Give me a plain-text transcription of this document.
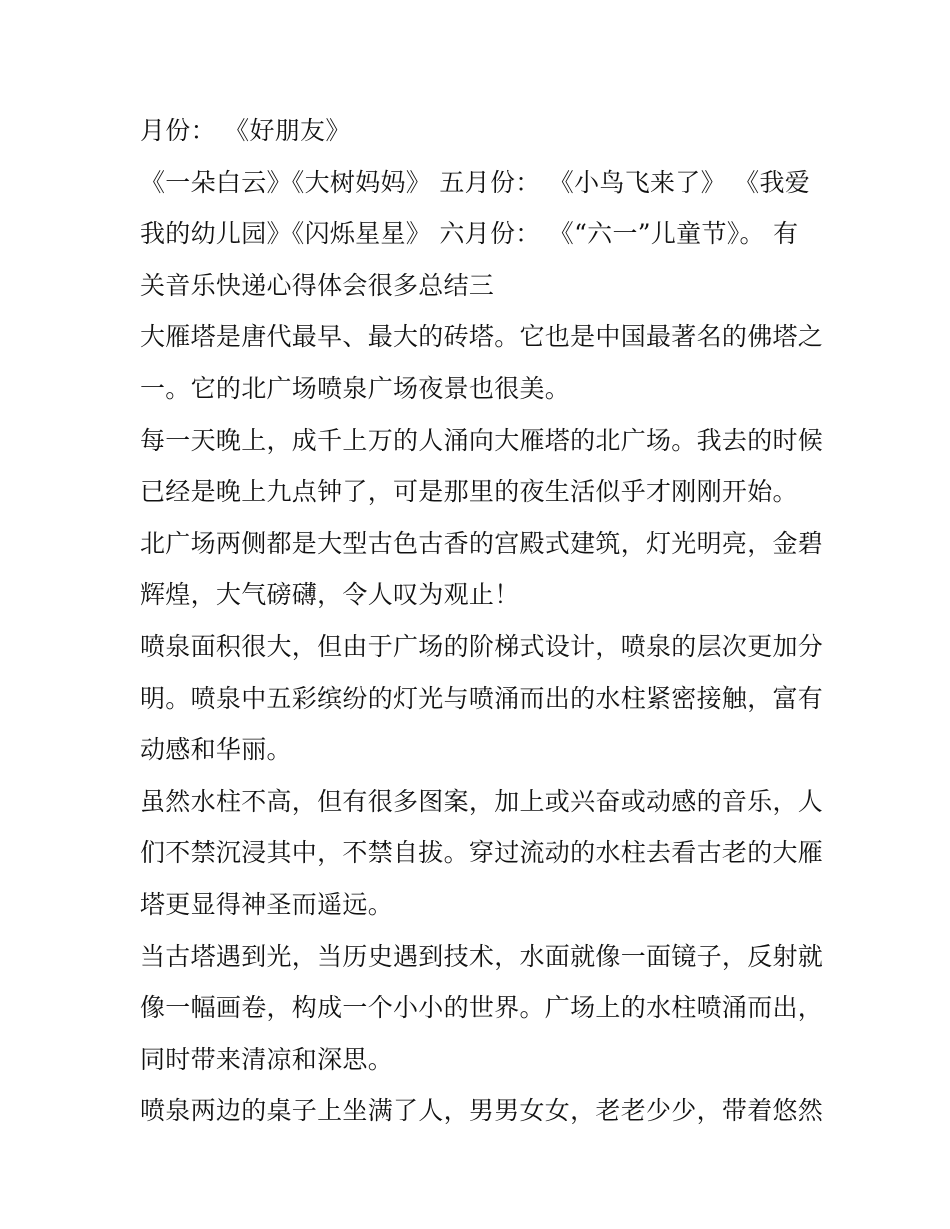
月份： 《好朋友》
《一朵白云》《大树妈妈》 五月份： 《小鸟飞来了》 《我爱
我的幼儿园》《闪烁星星》 六月份： 《“六一”儿童节》。 有
关音乐快递心得体会很多总结三
大雁塔是唐代最早、最大的砖塔。它也是中国最著名的佛塔之
一。它的北广场喷泉广场夜景也很美。
每一天晚上，成千上万的人涌向大雁塔的北广场。我去的时候
已经是晚上九点钟了，可是那里的夜生活似乎才刚刚开始。
北广场两侧都是大型古色古香的宫殿式建筑，灯光明亮，金碧
辉煌，大气磅礴，令人叹为观止！
喷泉面积很大，但由于广场的阶梯式设计，喷泉的层次更加分
明。喷泉中五彩缤纷的灯光与喷涌而出的水柱紧密接触，富有
动感和华丽。
虽然水柱不高，但有很多图案，加上或兴奋或动感的音乐，人
们不禁沉浸其中，不禁自拔。穿过流动的水柱去看古老的大雁
塔更显得神圣而遥远。
当古塔遇到光，当历史遇到技术，水面就像一面镜子，反射就
像一幅画卷，构成一个小小的世界。广场上的水柱喷涌而出，
同时带来清凉和深思。
喷泉两边的桌子上坐满了人，男男女女，老老少少，带着悠然
